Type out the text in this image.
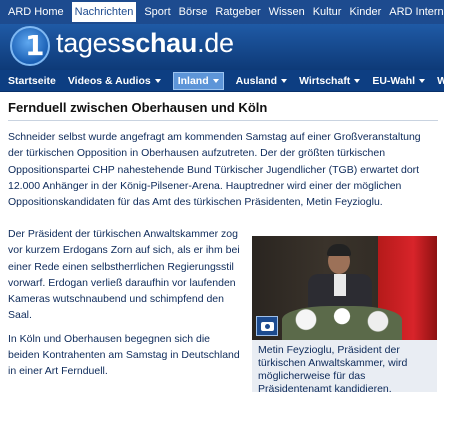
ARD Home Nachrichten Sport Börse Ratgeber Wissen Kultur Kinder ARD Intern
1 tagesschau.de
Startseite Videos & Audios	Inland	Ausland Wirtschaft EU-Wahl Wahla
Fernduell zwischen Oberhausen und Köln

Schneider selbst wurde angefragt am kommenden Samstag auf einer Großveranstaltung der türkischen Opposition in Oberhausen aufzutreten. Der der größten türkischen Oppositionspartei CHP nahestehende Bund Türkischer Jugendlicher (TGB) erwartet dort 12.000 Anhänger in der König-Pilsener-Arena. Hauptredner wird einer der möglichen Oppositionskandidaten für das Amt des türkischen Präsidenten, Metin Feyzioglu.

Der Präsident der türkischen Anwaltskammer zog vor kurzem Erdogans Zorn auf sich, als er ihm bei einer Rede einen selbstherrlichen Regierungsstil vorwarf. Erdogan verließ daraufhin vor laufenden Kameras wutschnaubend und schimpfend den Saal.

In Köln und Oberhausen begegnen sich die beiden Kontrahenten am Samstag in Deutschland in einer Art Fernduell.

Metin Feyzioglu, Präsident der türkischen Anwaltskammer, wird möglicherweise für das Präsidentenamt kandidieren.
